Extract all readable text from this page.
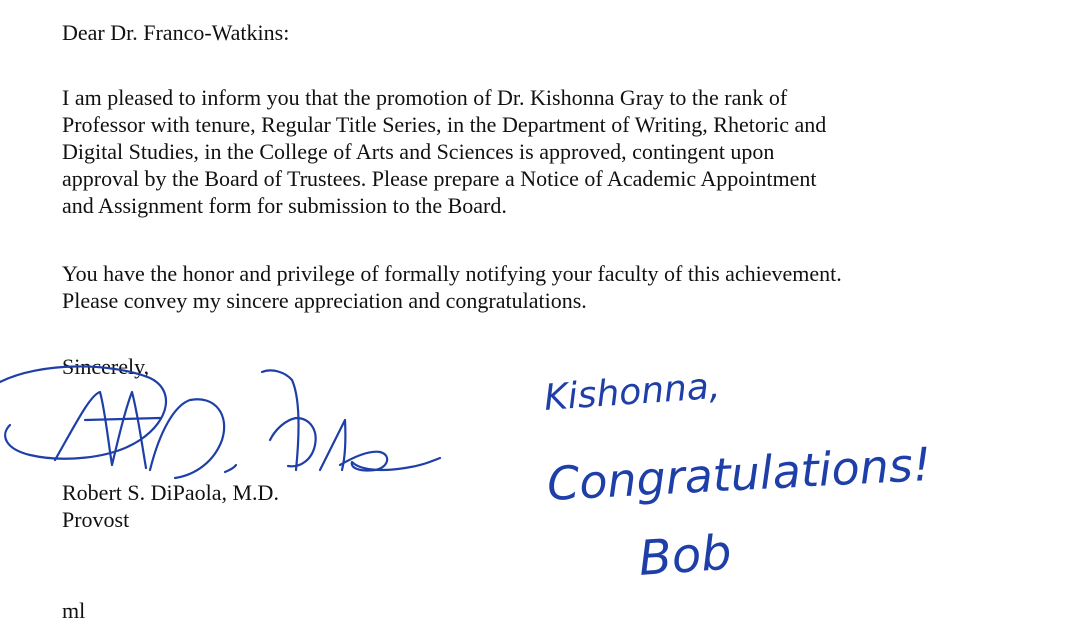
Dear Dr. Franco-Watkins:
I am pleased to inform you that the promotion of Dr. Kishonna Gray to the rank of
Professor with tenure, Regular Title Series, in the Department of Writing, Rhetoric and
Digital Studies, in the College of Arts and Sciences is approved, contingent upon
approval by the Board of Trustees. Please prepare a Notice of Academic Appointment
and Assignment form for submission to the Board.
You have the honor and privilege of formally notifying your faculty of this achievement.
Please convey my sincere appreciation and congratulations.
Sincerely,
Robert S. DiPaola, M.D.
Provost
ml
Kishonna,
Congratulations!
Bob
